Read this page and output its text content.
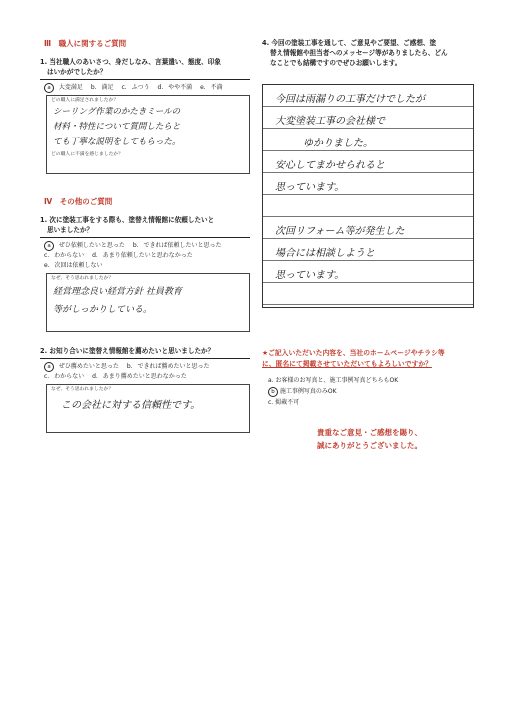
Ⅲ　職人に関するご質問
1. 当社職人のあいさつ、身だしなみ、言葉遣い、態度、印象
はいかがでしたか？
a 大変満足 b. 満足 c. ふつう d. やや不満 e. 不満
どの職人に満足されましたか？
シーリング作業のかたきミールの
材料・特性について質問したらと
ても丁寧な説明をしてもらった。
どの職人に不満を感じましたか？
Ⅳ　その他のご質問
1. 次に塗装工事をする際も、塗替え情報館に依頼したいと
思いましたか？
a ぜひ依頼したいと思った b. できれば依頼したいと思った
c. わからない d. あまり依頼したいと思わなかった
e. 次回は依頼しない
なぜ、そう思われましたか？
経営理念良い経営方針 社員教育
等がしっかりしている。
2. お知り合いに塗替え情報館を薦めたいと思いましたか？
a ぜひ薦めたいと思った b. できれば薦めたいと思った
c. わからない d. あまり薦めたいと思わなかった
なぜ、そう思われましたか？
この会社に対する信頼性です。
4. 今回の塗装工事を通して、ご意見やご要望、ご感想、塗
替え情報館や担当者へのメッセージ等がありましたら、どん
なことでも結構ですのでぜひお願いします。
今回は雨漏りの工事だけでしたが
大変塗装工事の会社様で
ゆかりました。
安心してまかせられると
思っています。
次回リフォーム等が発生した
場合には相談しようと
思っています。
★ご記入いただいた内容を、当社のホームページやチラシ等
に、匿名にて掲載させていただいてもよろしいですか？
a. お客様のお写真と、施工事例写真どちらもOK
b 施工事例写真のみOK
c. 掲載不可
貴重なご意見・ご感想を賜り、
誠にありがとうございました。
